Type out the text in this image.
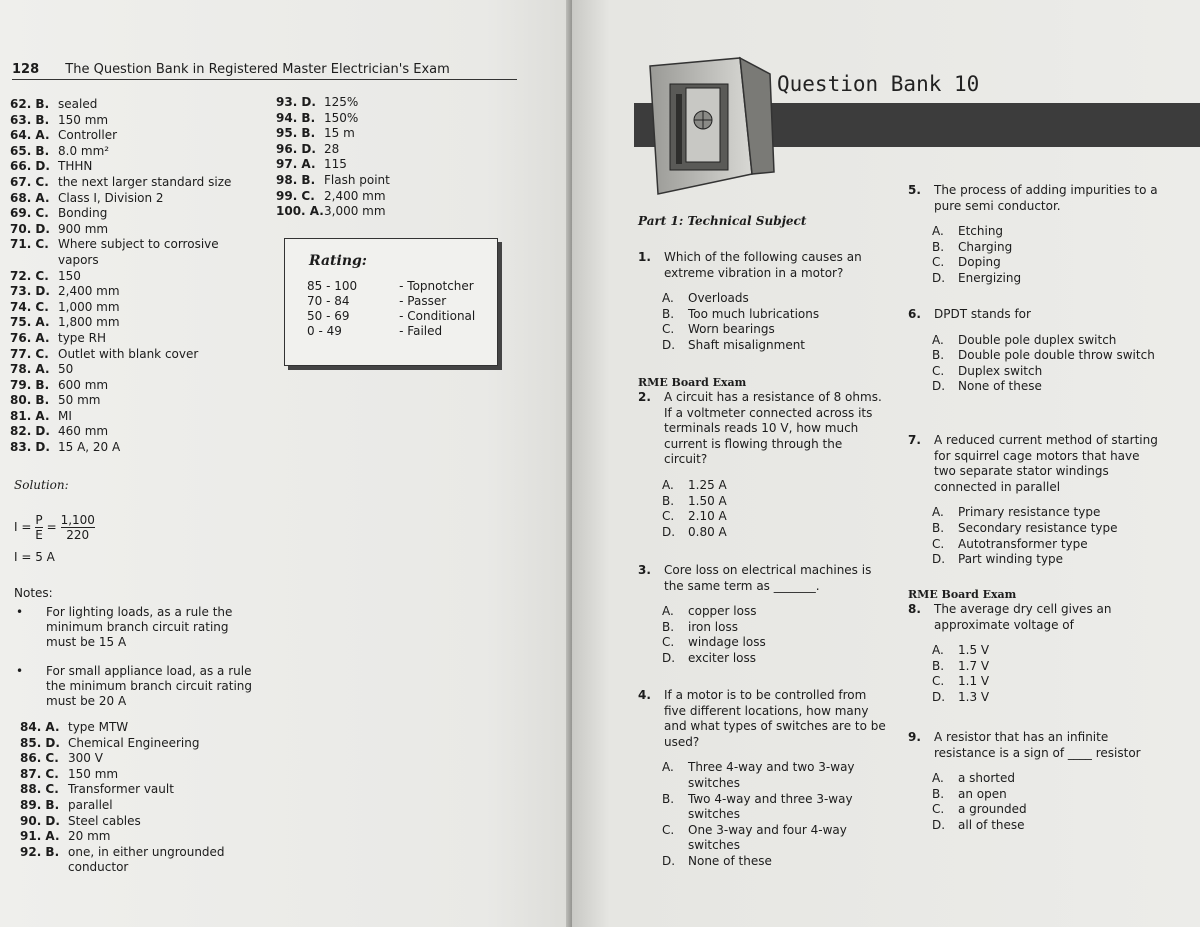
128 The Question Bank in Registered Master Electrician's Exam
62. B. sealed
63. B. 150 mm
64. A. Controller
65. B. 8.0 mm²
66. D. THHN
67. C. the next larger standard size
68. A. Class I, Division 2
69. C. Bonding
70. D. 900 mm
71. C. Where subject to corrosive vapors
72. C. 150
73. D. 2,400 mm
74. C. 1,000 mm
75. A. 1,800 mm
76. A. type RH
77. C. Outlet with blank cover
78. A. 50
79. B. 600 mm
80. B. 50 mm
81. A. MI
82. D. 460 mm
83. D. 15 A, 20 A
Solution:
$I = \frac{P}{E} = \frac{1,100}{220}$
I = 5 A
Notes:
•	For lighting loads, as a rule the minimum branch circuit rating must be 15 A
•	For small appliance load, as a rule the minimum branch circuit rating must be 20 A
84. A. type MTW
85. D. Chemical Engineering
86. C. 300 V
87. C. 150 mm
88. C. Transformer vault
89. B. parallel
90. D. Steel cables
91. A. 20 mm
92. B. one, in either ungrounded conductor
93. D. 125%
94. B. 150%
95. B. 15 m
96. D. 28
97. A. 115
98. B. Flash point
99. C. 2,400 mm
100. A. 3,000 mm
Rating:
85 - 100	- Topnotcher
70 - 84	- Passer
50 - 69	- Conditional
0 - 49	- Failed
Question Bank 10
Part 1: Technical Subject
1.	Which of the following causes an extreme vibration in a motor?
A.	Overloads
B.	Too much lubrications
C.	Worn bearings
D.	Shaft misalignment
RME Board Exam
2.	A circuit has a resistance of 8 ohms. If a voltmeter connected across its terminals reads 10 V, how much current is flowing through the circuit?
A.	1.25 A
B.	1.50 A
C.	2.10 A
D.	0.80 A
3.	Core loss on electrical machines is the same term as _______.
A.	copper loss
B.	iron loss
C.	windage loss
D.	exciter loss
4.	If a motor is to be controlled from five different locations, how many and what types of switches are to be used?
A.	Three 4-way and two 3-way switches
B.	Two 4-way and three 3-way switches
C.	One 3-way and four 4-way switches
D.	None of these
5.	The process of adding impurities to a pure semi conductor.
A.	Etching
B.	Charging
C.	Doping
D.	Energizing
6.	DPDT stands for
A.	Double pole duplex switch
B.	Double pole double throw switch
C.	Duplex switch
D.	None of these
7.	A reduced current method of starting for squirrel cage motors that have two separate stator windings connected in parallel
A.	Primary resistance type
B.	Secondary resistance type
C.	Autotransformer type
D.	Part winding type
RME Board Exam
8.	The average dry cell gives an approximate voltage of
A.	1.5 V
B.	1.7 V
C.	1.1 V
D.	1.3 V
9.	A resistor that has an infinite resistance is a sign of ____ resistor
A.	a shorted
B.	an open
C.	a grounded
D.	all of these
